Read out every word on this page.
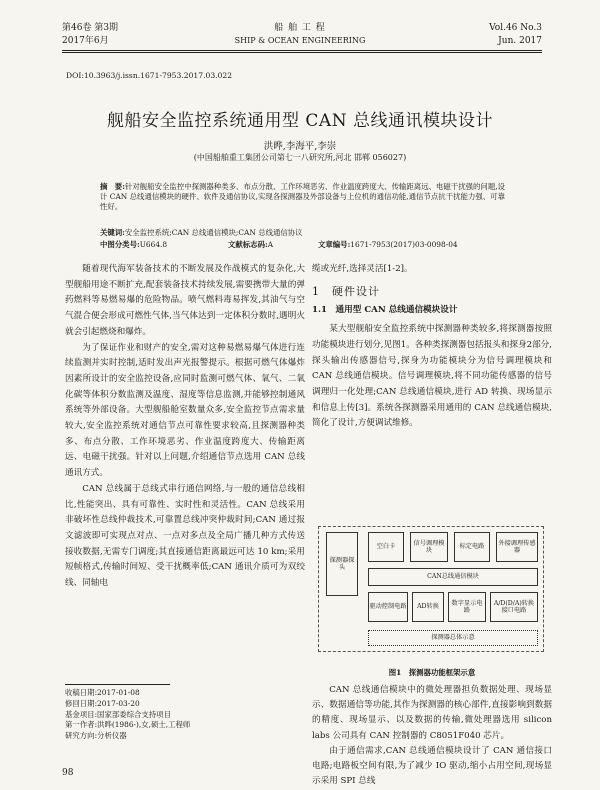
第46卷 第3期
2017年6月
船 舶 工 程
SHIP & OCEAN ENGINEERING
Vol.46 No.3
Jun. 2017
DOI:10.3963/j.issn.1671-7953.2017.03.022
舰船安全监控系统通用型 CAN 总线通讯模块设计
洪晔,李海平,李崇
(中国船舶重工集团公司第七一八研究所,河北 邯郸 056027)
摘　要:针对舰船安全监控中探测器种类多、布点分散、工作环境恶劣、作业温度跨度大、传输距离远、电磁干扰强的问题,设计 CAN 总线通信模块的硬件、软件及通信协议,实现各探测器及外部设备与上位机的通信功能,通信节点抗干扰能力强、可靠性好。
关键词:安全监控系统;CAN 总线通信模块;CAN 总线通信协议
中图分类号:U664.8	文献标志码:A	文章编号:1671-7953(2017)03-0098-04

随着现代海军装备技术的不断发展及作战模式的复杂化,大型舰船用途不断扩充,配套装备技术持续发展,需要携带大量的弹药燃料等易燃易爆的危险物品。喷气燃料毒易挥发,其油气与空气混合便会形成可燃性气体,当气体达到一定体积分数时,遇明火就会引起燃烧和爆炸。

为了保证作业和财产的安全,需对这种易燃易爆气体进行连续监测并实时控制,适时发出声光报警提示。根据可燃气体爆炸因素所设计的安全监控设备,应同时监测可燃气体、氧气、二氧化碳等体积分数监测及温度、湿度等信息监测,并能够控制通风系统等外部设备。大型舰船舱室数量众多,安全监控节点需求量较大,安全监控系统对通信节点可靠性要求较高,且探测器种类多、布点分散、工作环境恶劣、作业温度跨度大、传输距离远、电磁干扰强。针对以上问题,介绍通信节点选用 CAN 总线通讯方式。

CAN 总线属于总线式串行通信网络,与一般的通信总线相比,性能突出、具有可靠性、实时性和灵活性。CAN 总线采用非破坏性总线仲裁技术,可靠置总线冲突仲裁时间;CAN 通过报文滤波即可实现点对点、一点对多点及全局广播几种方式传送接收数据,无需专门调度;其直接通信距离最远可达 10 km;采用短帧格式,传输时间短、受干扰概率低;CAN 通讯介质可为双绞线、同轴电

收稿日期:2017-01-08
修回日期:2017-03-20
基金项目:国家部委综合支持项目
第一作者:洪晔(1986-),女,硕士,工程师
研究方向:分析仪器

缆或光纤,选择灵活[1-2]。

1　硬件设计
1.1　通用型 CAN 总线通信模块设计

某大型舰船安全监控系统中探测器种类较多,将探测器按照功能模块进行划分,见图1。各种类探测器包括报头和探身2部分,探头输出传感器信号,探身为功能模块分为信号调理模块和 CAN 总线通信模块。信号调理模块,将不同功能传感器的信号调理归一化处理;CAN 总线通信模块,进行 AD 转换、现场显示和信息上传[3]。系统各探测器采用通用的 CAN 总线通信模块,简化了设计,方便调试维修。

探测器探头
空白卡
信号调理模块
标定电路
外接调理传感器
CAN总线通信模块
驱动控制电路	AD转换
数字显示电路
A/D(D/A)转换接口电路
探测器总体示意
图1　探测器功能框架示意

CAN 总线通信模块中的微处理器担负数据处理、现场显示、数据通信等功能,其作为探测器的核心部件,直接影响到数据的精度、现场显示、以及数据的传输,微处理器选用 silicon labs 公司具有 CAN 控制器的 C8051F040 芯片。

由于通信需求,CAN 总线通信模块设计了 CAN 通信接口电路;电路板空间有限,为了减少 IO 驱动,缩小占用空间,现场显示采用 SPI 总线

98
